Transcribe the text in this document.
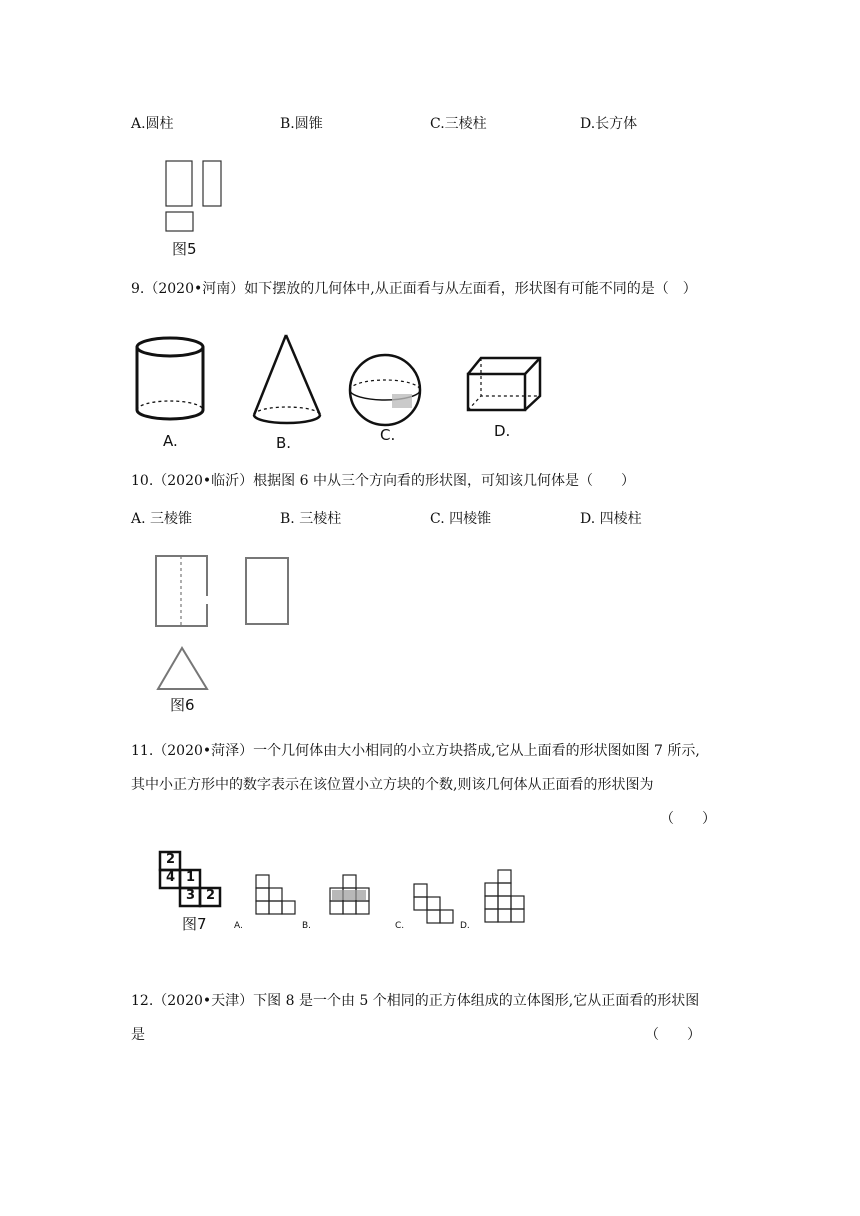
A.圆柱	B.圆锥	C.三棱柱	D.长方体
图5
9.（2020•河南）如下摆放的几何体中,从正面看与从左面看，形状图有可能不同的是（　）
A.	B.	C.	D.
10.（2020•临沂）根据图 6 中从三个方向看的形状图，可知该几何体是（　　）
A. 三棱锥	B. 三棱柱	C. 四棱锥	D. 四棱柱
图6
11.（2020•菏泽）一个几何体由大小相同的小立方块搭成,它从上面看的形状图如图 7 所示,
其中小正方形中的数字表示在该位置小立方块的个数,则该几何体从正面看的形状图为
（　　）
2
4 1
3 2
图7	A.	B.	C.	D.
12.（2020•天津）下图 8 是一个由 5 个相同的正方体组成的立体图形,它从正面看的形状图
是	（　　）
